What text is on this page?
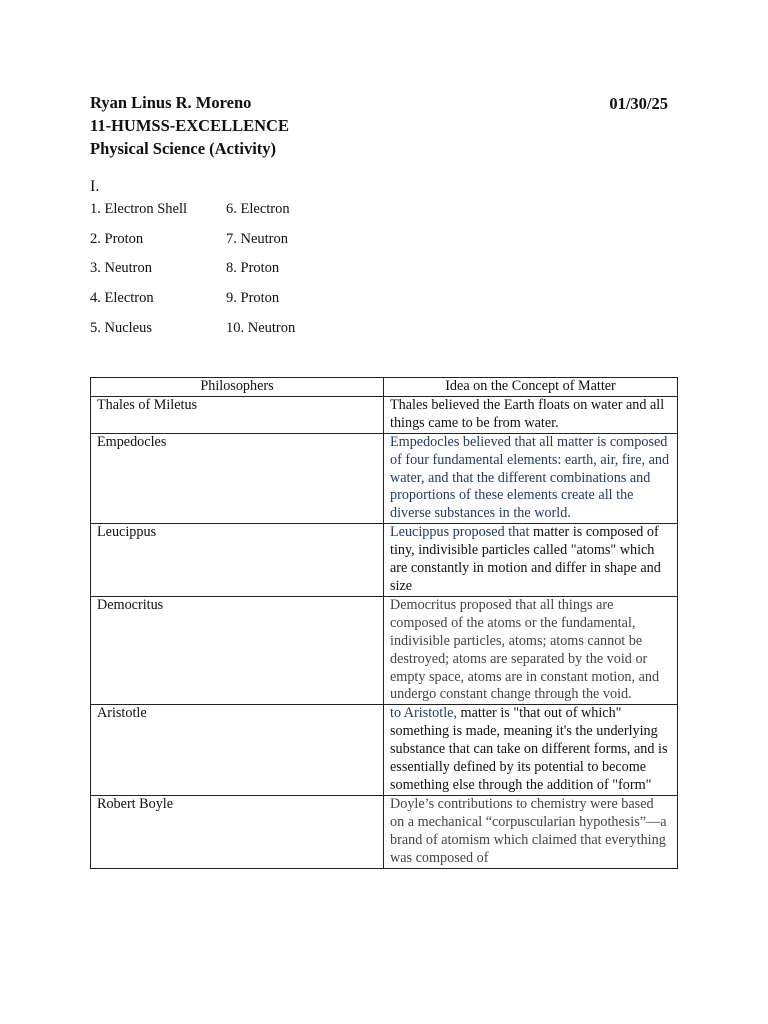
Ryan Linus R. Moreno
11-HUMSS-EXCELLENCE
Physical Science (Activity)
01/30/25
I.
1. Electron Shell
2. Proton
3. Neutron
4. Electron
5. Nucleus
6. Electron
7. Neutron
8. Proton
9. Proton
10. Neutron
Philosophers	Idea on the Concept of Matter
Thales of Miletus	Thales believed the Earth floats on water and all things came to be from water.
Empedocles	Empedocles believed that all matter is composed of four fundamental elements: earth, air, fire, and water, and that the different combinations and proportions of these elements create all the diverse substances in the world.
Leucippus	Leucippus proposed that matter is composed of tiny, indivisible particles called "atoms" which are constantly in motion and differ in shape and size
Democritus	Democritus proposed that all things are composed of the atoms or the fundamental, indivisible particles, atoms; atoms cannot be destroyed; atoms are separated by the void or empty space, atoms are in constant motion, and undergo constant change through the void.
Aristotle	to Aristotle, matter is "that out of which" something is made, meaning it's the underlying substance that can take on different forms, and is essentially defined by its potential to become something else through the addition of "form"
Robert Boyle	Doyle’s contributions to chemistry were based on a mechanical “corpuscularian hypothesis”—a brand of atomism which claimed that everything was composed of
